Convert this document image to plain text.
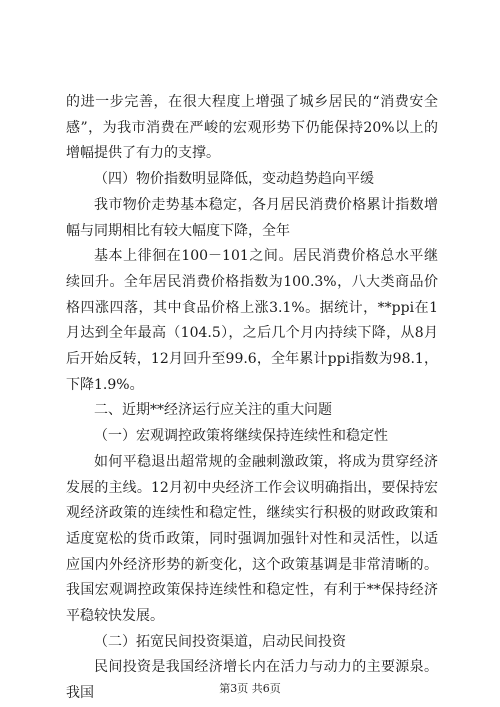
的进一步完善，在很大程度上增强了城乡居民的“消费安全感”，为我市消费在严峻的宏观形势下仍能保持20%以上的增幅提供了有力的支撑。

（四）物价指数明显降低，变动趋势趋向平缓

我市物价走势基本稳定，各月居民消费价格累计指数增幅与同期相比有较大幅度下降，全年

基本上徘徊在100－101之间。居民消费价格总水平继续回升。全年居民消费价格指数为100.3%，八大类商品价格四涨四落，其中食品价格上涨3.1%。据统计，**ppi在1月达到全年最高（104.5），之后几个月内持续下降，从8月后开始反转，12月回升至99.6，全年累计ppi指数为98.1，下降1.9%。

二、近期**经济运行应关注的重大问题

（一）宏观调控政策将继续保持连续性和稳定性

如何平稳退出超常规的金融刺激政策，将成为贯穿经济发展的主线。12月初中央经济工作会议明确指出，要保持宏观经济政策的连续性和稳定性，继续实行积极的财政政策和适度宽松的货币政策，同时强调加强针对性和灵活性，以适应国内外经济形势的新变化，这个政策基调是非常清晰的。我国宏观调控政策保持连续性和稳定性，有利于**保持经济平稳较快发展。

（二）拓宽民间投资渠道，启动民间投资

民间投资是我国经济增长内在活力与动力的主要源泉。我国	第3页 共6页
